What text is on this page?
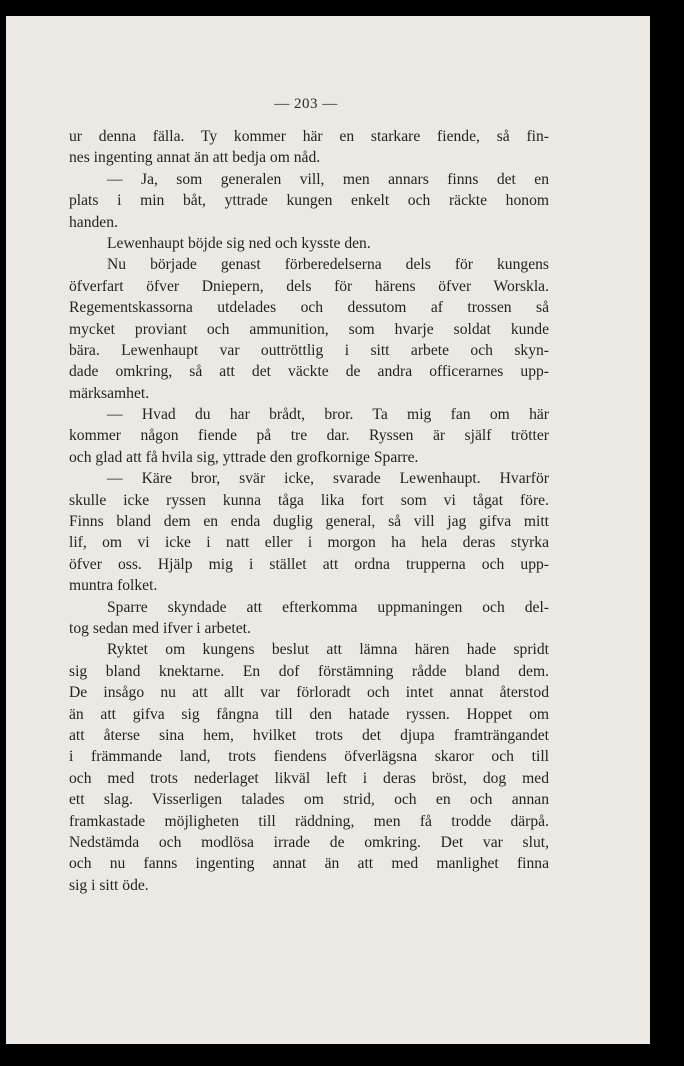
— 203 —
ur denna fälla. Ty kommer här en starkare fiende, så fin-
nes ingenting annat än att bedja om nåd.
— Ja, som generalen vill, men annars finns det en
plats i min båt, yttrade kungen enkelt och räckte honom
handen.
Lewenhaupt böjde sig ned och kysste den.
Nu började genast förberedelserna dels för kungens
öfverfart öfver Dniepern, dels för härens öfver Worskla.
Regementskassorna utdelades och dessutom af trossen så
mycket proviant och ammunition, som hvarje soldat kunde
bära. Lewenhaupt var outtröttlig i sitt arbete och skyn-
dade omkring, så att det väckte de andra officerarnes upp-
märksamhet.
— Hvad du har brådt, bror. Ta mig fan om här
kommer någon fiende på tre dar. Ryssen är själf trötter
och glad att få hvila sig, yttrade den grofkornige Sparre.
— Käre bror, svär icke, svarade Lewenhaupt. Hvarför
skulle icke ryssen kunna tåga lika fort som vi tågat före.
Finns bland dem en enda duglig general, så vill jag gifva mitt
lif, om vi icke i natt eller i morgon ha hela deras styrka
öfver oss. Hjälp mig i stället att ordna trupperna och upp-
muntra folket.
Sparre skyndade att efterkomma uppmaningen och del-
tog sedan med ifver i arbetet.
Ryktet om kungens beslut att lämna hären hade spridt
sig bland knektarne. En dof förstämning rådde bland dem.
De insågo nu att allt var förloradt och intet annat återstod
än att gifva sig fångna till den hatade ryssen. Hoppet om
att återse sina hem, hvilket trots det djupa framträngandet
i främmande land, trots fiendens öfverlägsna skaror och till
och med trots nederlaget likväl left i deras bröst, dog med
ett slag. Visserligen talades om strid, och en och annan
framkastade möjligheten till räddning, men få trodde därpå.
Nedstämda och modlösa irrade de omkring. Det var slut,
och nu fanns ingenting annat än att med manlighet finna
sig i sitt öde.
